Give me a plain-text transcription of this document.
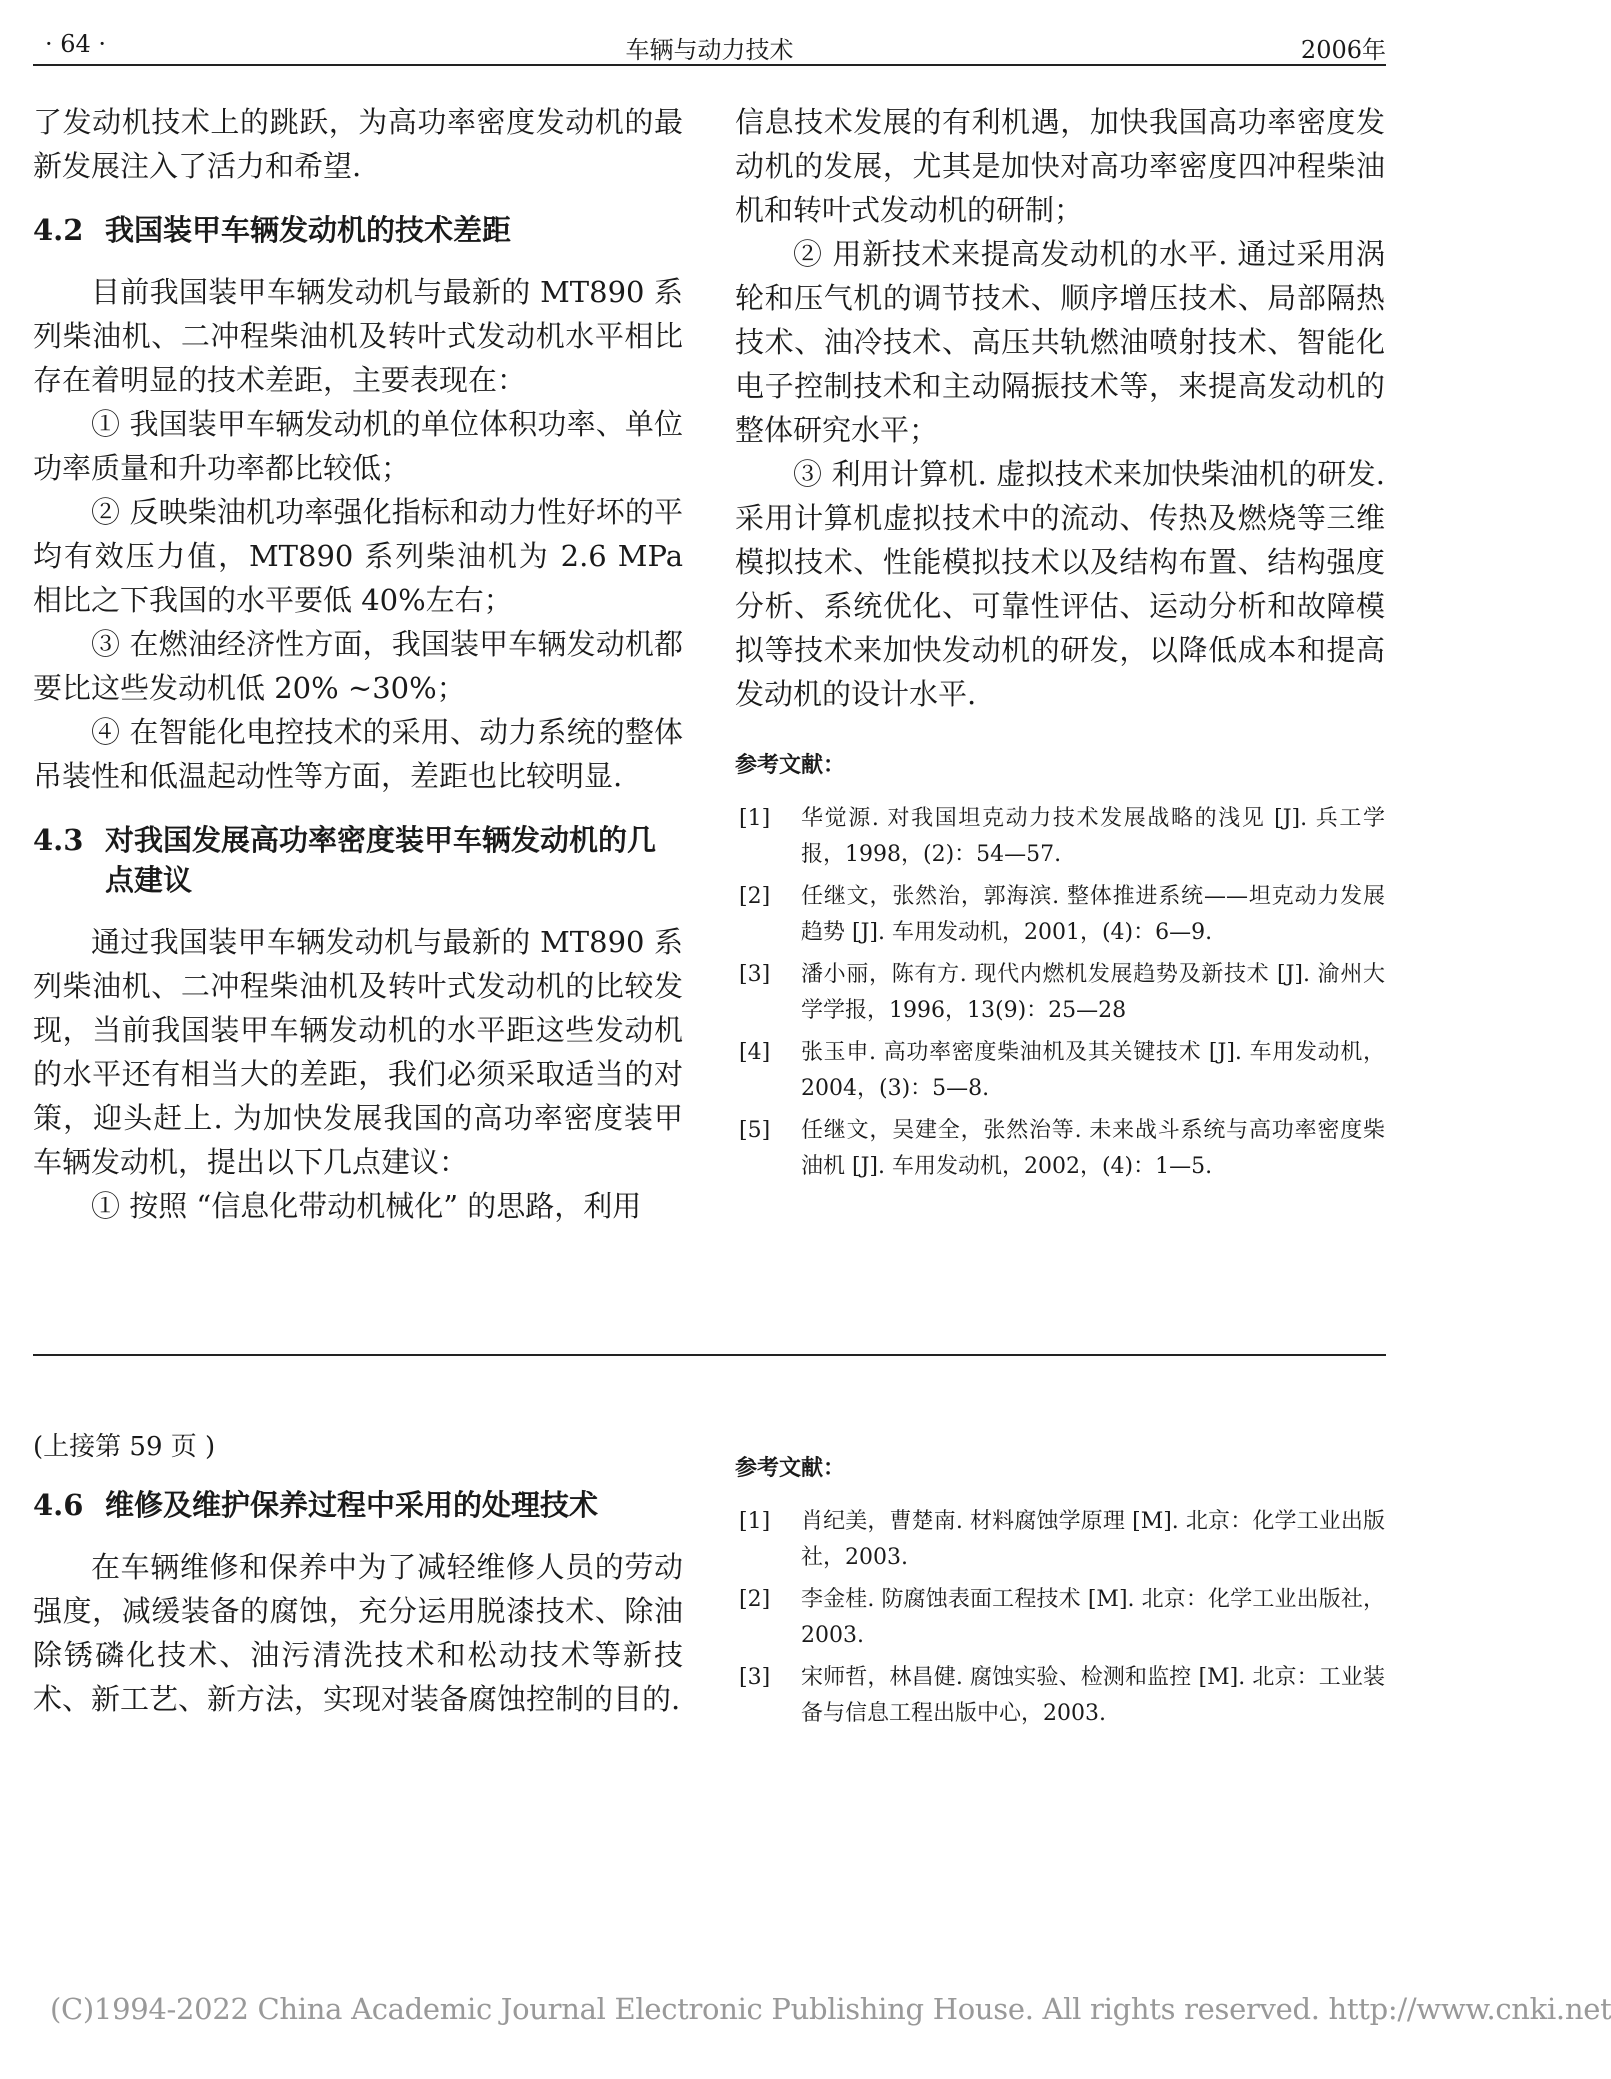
· 64 ·	车辆与动力技术	2006年

了发动机技术上的跳跃，为高功率密度发动机的最新发展注入了活力和希望.

4.2 我国装甲车辆发动机的技术差距

目前我国装甲车辆发动机与最新的 MT890 系列柴油机、二冲程柴油机及转叶式发动机水平相比存在着明显的技术差距，主要表现在：

① 我国装甲车辆发动机的单位体积功率、单位功率质量和升功率都比较低；

② 反映柴油机功率强化指标和动力性好坏的平均有效压力值，MT890 系列柴油机为 2.6 MPa 相比之下我国的水平要低 40%左右；

③ 在燃油经济性方面，我国装甲车辆发动机都要比这些发动机低 20% ~30%；

④ 在智能化电控技术的采用、动力系统的整体吊装性和低温起动性等方面，差距也比较明显.

4.3 对我国发展高功率密度装甲车辆发动机的几点建议

通过我国装甲车辆发动机与最新的 MT890 系列柴油机、二冲程柴油机及转叶式发动机的比较发现，当前我国装甲车辆发动机的水平距这些发动机的水平还有相当大的差距，我们必须采取适当的对策，迎头赶上. 为加快发展我国的高功率密度装甲车辆发动机，提出以下几点建议：

① 按照 “信息化带动机械化” 的思路，利用

信息技术发展的有利机遇，加快我国高功率密度发动机的发展，尤其是加快对高功率密度四冲程柴油机和转叶式发动机的研制；

② 用新技术来提高发动机的水平. 通过采用涡轮和压气机的调节技术、顺序增压技术、局部隔热技术、油冷技术、高压共轨燃油喷射技术、智能化电子控制技术和主动隔振技术等，来提高发动机的整体研究水平；

③ 利用计算机. 虚拟技术来加快柴油机的研发. 采用计算机虚拟技术中的流动、传热及燃烧等三维模拟技术、性能模拟技术以及结构布置、结构强度分析、系统优化、可靠性评估、运动分析和故障模拟等技术来加快发动机的研发，以降低成本和提高发动机的设计水平.

参考文献：
[1]	华觉源. 对我国坦克动力技术发展战略的浅见 [J]. 兵工学报，1998，(2)：54—57.
[2]	任继文，张然治，郭海滨. 整体推进系统——坦克动力发展趋势 [J]. 车用发动机，2001，(4)：6—9.
[3]	潘小丽，陈有方. 现代内燃机发展趋势及新技术 [J]. 渝州大学学报，1996，13(9)：25—28
[4]	张玉申. 高功率密度柴油机及其关键技术 [J]. 车用发动机，2004，(3)：5—8.
[5]	任继文，吴建全，张然治等. 未来战斗系统与高功率密度柴油机 [J]. 车用发动机，2002，(4)：1—5.
(上接第 59 页 )
4.6 维修及维护保养过程中采用的处理技术

在车辆维修和保养中为了减轻维修人员的劳动强度，减缓装备的腐蚀，充分运用脱漆技术、除油除锈磷化技术、油污清洗技术和松动技术等新技术、新工艺、新方法，实现对装备腐蚀控制的目的.

参考文献：
[1]	肖纪美，曹楚南. 材料腐蚀学原理 [M]. 北京：化学工业出版社，2003.
[2]	李金桂. 防腐蚀表面工程技术 [M]. 北京：化学工业出版社，2003.
[3]	宋师哲，林昌健. 腐蚀实验、检测和监控 [M]. 北京：工业装备与信息工程出版中心，2003.
(C)1994-2022 China Academic Journal Electronic Publishing House. All rights reserved. http://www.cnki.net
